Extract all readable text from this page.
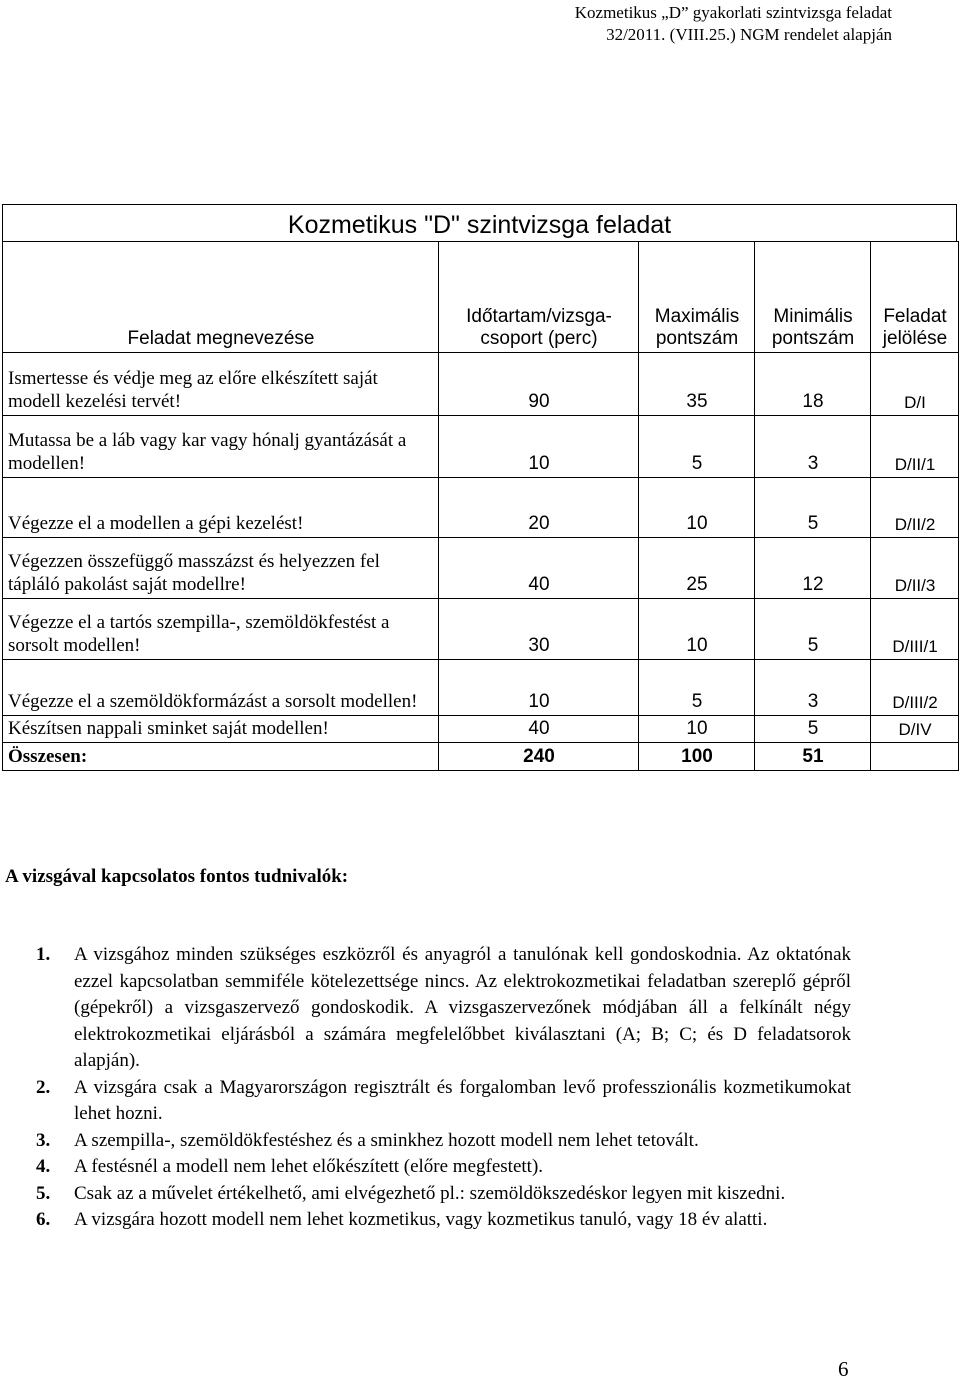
Kozmetikus „D” gyakorlati szintvizsga feladat
32/2011. (VIII.25.) NGM rendelet alapján
Kozmetikus "D" szintvizsga feladat
Feladat megnevezése	Időtartam/vizsga-csoport (perc)	Maximális pontszám	Minimális pontszám	Feladat jelölése
Ismertesse és védje meg az előre elkészített saját modell kezelési tervét!	90	35	18	D/I
Mutassa be a láb vagy kar vagy hónalj gyantázását a modellen!	10	5	3	D/II/1
Végezze el a modellen a gépi kezelést!	20	10	5	D/II/2
Végezzen összefüggő masszázst és helyezzen fel tápláló pakolást saját modellre!	40	25	12	D/II/3
Végezze el a tartós szempilla-, szemöldökfestést a sorsolt modellen!	30	10	5	D/III/1
Végezze el a szemöldökformázást a sorsolt modellen!	10	5	3	D/III/2
Készítsen nappali sminket saját modellen!	40	10	5	D/IV
Összesen:	240	100	51	
A vizsgával kapcsolatos fontos tudnivalók:
1. A vizsgához minden szükséges eszközről és anyagról a tanulónak kell gondoskodnia. Az oktatónak ezzel kapcsolatban semmiféle kötelezettsége nincs. Az elektrokozmetikai feladatban szereplő gépről (gépekről) a vizsgaszervező gondoskodik. A vizsgaszervezőnek módjában áll a felkínált négy elektrokozmetikai eljárásból a számára megfelelőbbet kiválasztani (A; B; C; és D feladatsorok alapján).
2. A vizsgára csak a Magyarországon regisztrált és forgalomban levő professzionális kozmetikumokat lehet hozni.
3. A szempilla-, szemöldökfestéshez és a sminkhez hozott modell nem lehet tetovált.
4. A festésnél a modell nem lehet előkészített (előre megfestett).
5. Csak az a művelet értékelhető, ami elvégezhető pl.: szemöldökszedéskor legyen mit kiszedni.
6. A vizsgára hozott modell nem lehet kozmetikus, vagy kozmetikus tanuló, vagy 18 év alatti.
6
